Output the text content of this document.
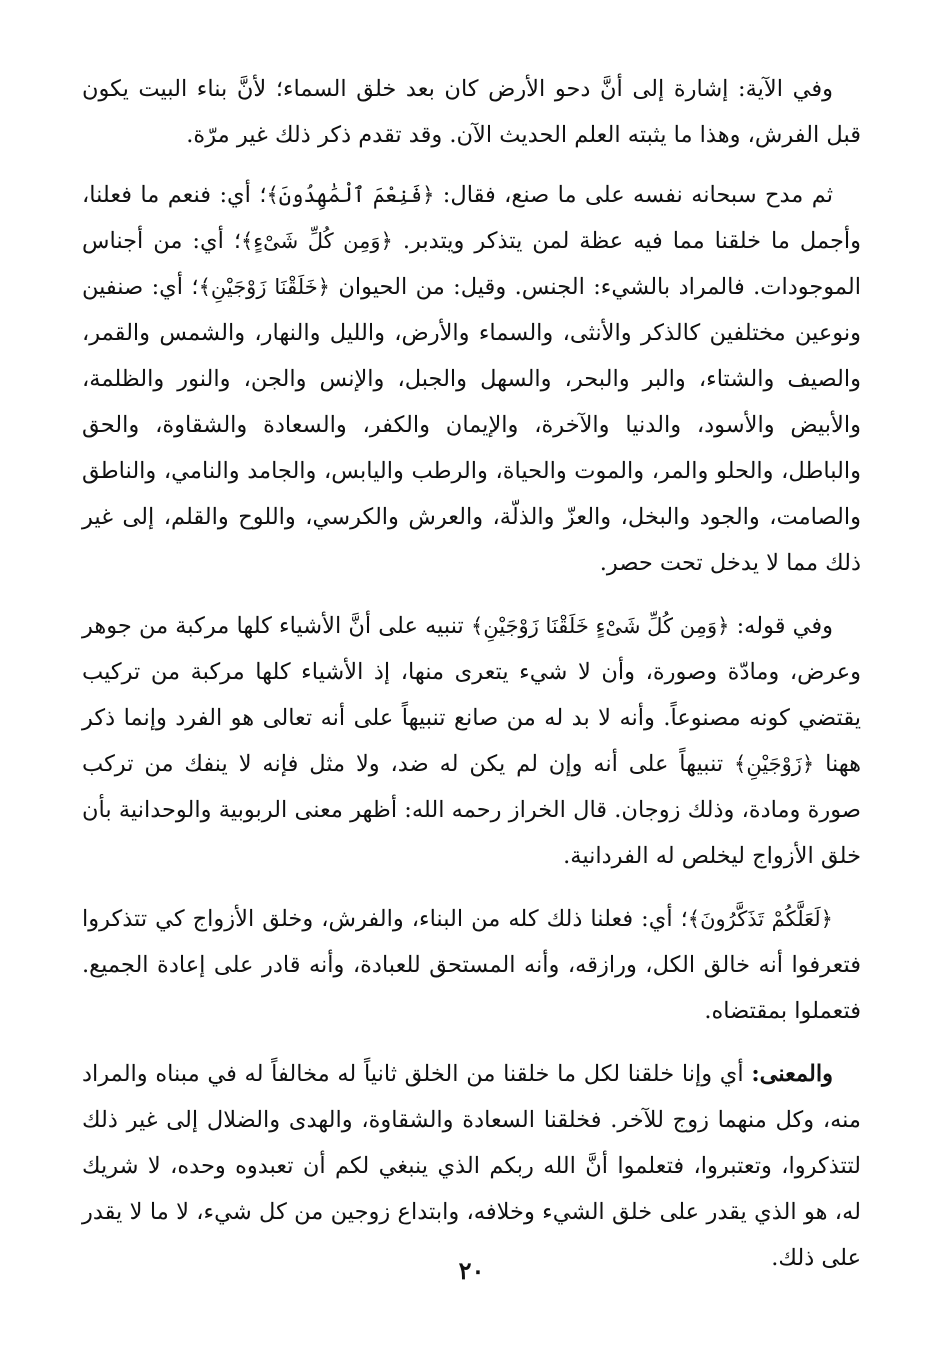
وفي الآية: إشارة إلى أنَّ دحو الأرض كان بعد خلق السماء؛ لأنَّ بناء البيت يكون قبل الفرش، وهذا ما يثبته العلم الحديث الآن. وقد تقدم ذكر ذلك غير مرّة.

ثم مدح سبحانه نفسه على ما صنع، فقال: ﴿فَنِعْمَ ٱلْمَٰهِدُونَ﴾؛ أي: فنعم ما فعلنا، وأجمل ما خلقنا مما فيه عظة لمن يتذكر ويتدبر. ﴿وَمِن كُلِّ شَىْءٍ﴾؛ أي: من أجناس الموجودات. فالمراد بالشيء: الجنس. وقيل: من الحيوان ﴿خَلَقْنَا زَوْجَيْنِ﴾؛ أي: صنفين ونوعين مختلفين كالذكر والأنثى، والسماء والأرض، والليل والنهار، والشمس والقمر، والصيف والشتاء، والبر والبحر، والسهل والجبل، والإنس والجن، والنور والظلمة، والأبيض والأسود، والدنيا والآخرة، والإيمان والكفر، والسعادة والشقاوة، والحق والباطل، والحلو والمر، والموت والحياة، والرطب واليابس، والجامد والنامي، والناطق والصامت، والجود والبخل، والعزّ والذلّة، والعرش والكرسي، واللوح والقلم، إلى غير ذلك مما لا يدخل تحت حصر.

وفي قوله: ﴿وَمِن كُلِّ شَىْءٍ خَلَقْنَا زَوْجَيْنِ﴾ تنبيه على أنَّ الأشياء كلها مركبة من جوهر وعرض، ومادّة وصورة، وأن لا شيء يتعرى منها، إذ الأشياء كلها مركبة من تركيب يقتضي كونه مصنوعاً. وأنه لا بد له من صانع تنبيهاً على أنه تعالى هو الفرد وإنما ذكر ههنا ﴿زَوْجَيْنِ﴾ تنبيهاً على أنه وإن لم يكن له ضد، ولا مثل فإنه لا ينفك من تركب صورة ومادة، وذلك زوجان. قال الخراز رحمه الله: أظهر معنى الربوبية والوحدانية بأن خلق الأزواج ليخلص له الفردانية.

﴿لَعَلَّكُمْ تَذَكَّرُونَ﴾؛ أي: فعلنا ذلك كله من البناء، والفرش، وخلق الأزواج كي تتذكروا فتعرفوا أنه خالق الكل، ورازقه، وأنه المستحق للعبادة، وأنه قادر على إعادة الجميع. فتعملوا بمقتضاه.

والمعنى: أي وإنا خلقنا لكل ما خلقنا من الخلق ثانياً له مخالفاً له في مبناه والمراد منه، وكل منهما زوج للآخر. فخلقنا السعادة والشقاوة، والهدى والضلال إلى غير ذلك لتتذكروا، وتعتبروا، فتعلموا أنَّ الله ربكم الذي ينبغي لكم أن تعبدوه وحده، لا شريك له، هو الذي يقدر على خلق الشيء وخلافه، وابتداع زوجين من كل شيء، لا ما لا يقدر على ذلك.

٢٠
